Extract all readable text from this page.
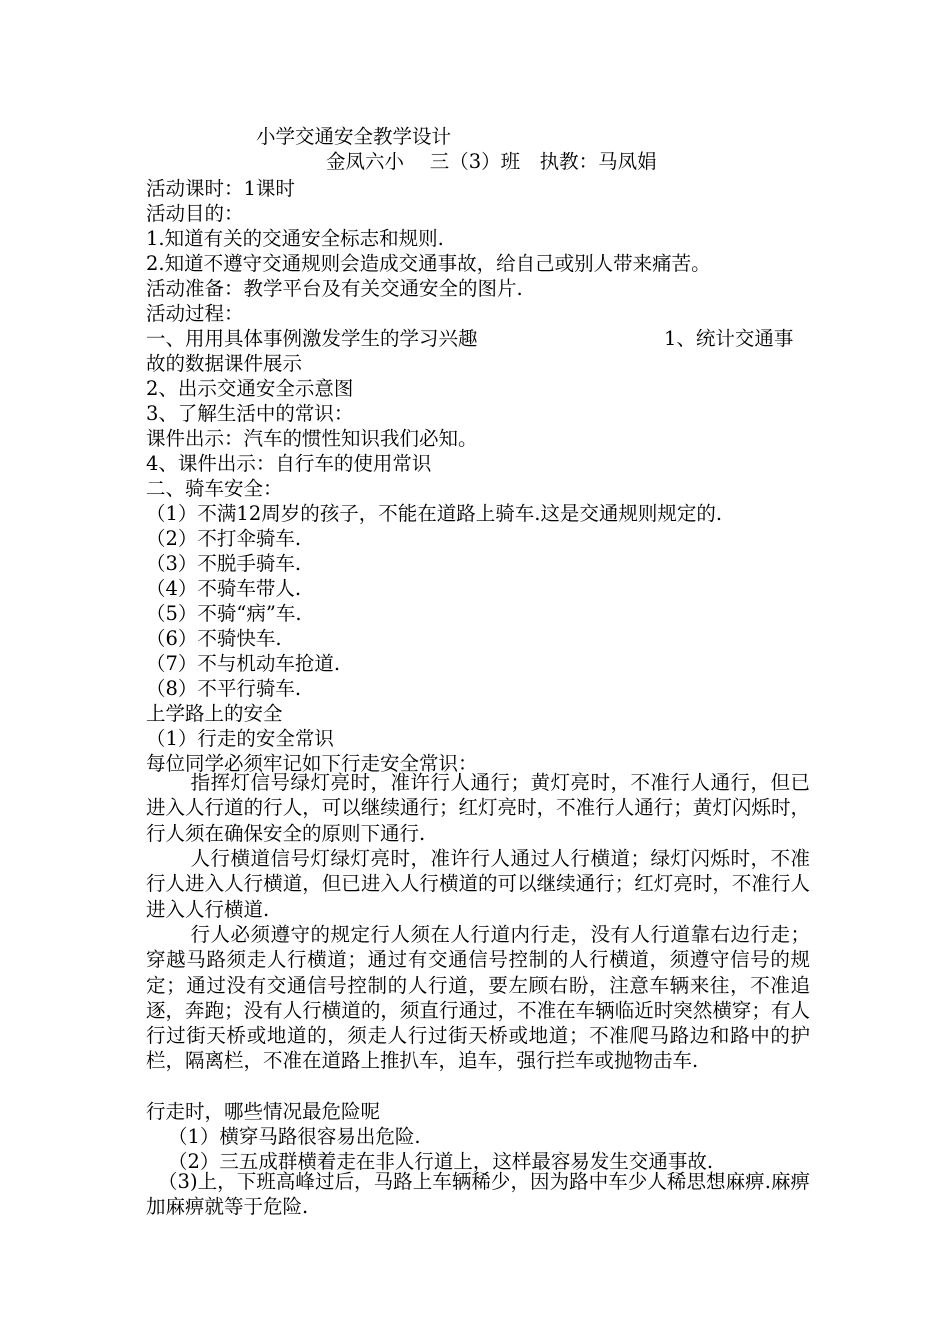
小学交通安全教学设计
金凤六小　 三（3）班　执教：马凤娟
活动课时：1课时
活动目的：
1.知道有关的交通安全标志和规则.
2.知道不遵守交通规则会造成交通事故，给自己或别人带来痛苦。
活动准备：教学平台及有关交通安全的图片.
活动过程：
一、用用具体事例激发学生的学习兴趣	1、统计交通事
故的数据课件展示
2、出示交通安全示意图
3、了解生活中的常识：
课件出示：汽车的惯性知识我们必知。
4、课件出示：自行车的使用常识
二、骑车安全：
（1）不满12周岁的孩子，不能在道路上骑车.这是交通规则规定的.
（2）不打伞骑车.
（3）不脱手骑车.
（4）不骑车带人.
（5）不骑“病”车.
（6）不骑快车.
（7）不与机动车抢道.
（8）不平行骑车.
上学路上的安全
（1）行走的安全常识
每位同学必须牢记如下行走安全常识：
指挥灯信号绿灯亮时，准许行人通行；黄灯亮时，不准行人通行，但已进入人行道的行人，可以继续通行；红灯亮时，不准行人通行；黄灯闪烁时，行人须在确保安全的原则下通行.
人行横道信号灯绿灯亮时，准许行人通过人行横道；绿灯闪烁时，不准行人进入人行横道，但已进入人行横道的可以继续通行；红灯亮时，不准行人进入人行横道.
行人必须遵守的规定行人须在人行道内行走，没有人行道靠右边行走；穿越马路须走人行横道；通过有交通信号控制的人行横道，须遵守信号的规定；通过没有交通信号控制的人行道，要左顾右盼，注意车辆来往，不准追逐，奔跑；没有人行横道的，须直行通过，不准在车辆临近时突然横穿；有人行过街天桥或地道的，须走人行过街天桥或地道；不准爬马路边和路中的护栏，隔离栏，不准在道路上推扒车，追车，强行拦车或抛物击车.
行走时，哪些情况最危险呢
（1）横穿马路很容易出危险.
（2）三五成群横着走在非人行道上，这样最容易发生交通事故.
（3)上，下班高峰过后，马路上车辆稀少，因为路中车少人稀思想麻痹.麻痹加麻痹就等于危险.
